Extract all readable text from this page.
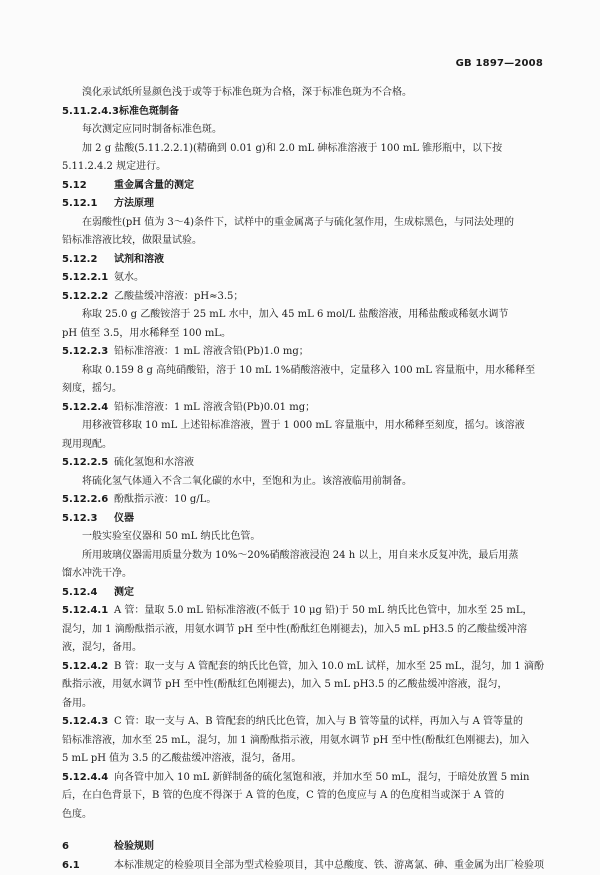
GB 1897—2008
溴化汞试纸所显颜色浅于或等于标准色斑为合格，深于标准色斑为不合格。
5.11.2.4.3标准色斑制备
每次测定应同时制备标准色斑。
加 2 g 盐酸(5.11.2.2.1)(精确到 0.01 g)和 2.0 mL 砷标准溶液于 100 mL 锥形瓶中，以下按
5.11.2.4.2 规定进行。
5.12	重金属含量的测定
5.12.1 方法原理
在弱酸性(pH 值为 3～4)条件下，试样中的重金属离子与硫化氢作用，生成棕黑色，与同法处理的
铅标准溶液比较，做限量试验。
5.12.2 试剂和溶液
5.12.2.1 氨水。
5.12.2.2 乙酸盐缓冲溶液：pH≈3.5；
称取 25.0 g 乙酸铵溶于 25 mL 水中，加入 45 mL 6 mol/L 盐酸溶液，用稀盐酸或稀氨水调节
pH 值至 3.5，用水稀释至 100 mL。
5.12.2.3 铅标准溶液：1 mL 溶液含铅(Pb)1.0 mg；
称取 0.159 8 g 高纯硝酸铅，溶于 10 mL 1%硝酸溶液中，定量移入 100 mL 容量瓶中，用水稀释至
刻度，摇匀。
5.12.2.4 铅标准溶液：1 mL 溶液含铅(Pb)0.01 mg；
用移液管移取 10 mL 上述铅标准溶液，置于 1 000 mL 容量瓶中，用水稀释至刻度，摇匀。该溶液
现用现配。
5.12.2.5 硫化氢饱和水溶液
将硫化氢气体通入不含二氧化碳的水中，至饱和为止。该溶液临用前制备。
5.12.2.6 酚酞指示液：10 g/L。
5.12.3 仪器
一般实验室仪器和 50 mL 纳氏比色管。
所用玻璃仪器需用质量分数为 10%～20%硝酸溶液浸泡 24 h 以上，用自来水反复冲洗，最后用蒸
馏水冲洗干净。
5.12.4 测定
5.12.4.1 A 管：量取 5.0 mL 铅标准溶液(不低于 10 μg 铅)于 50 mL 纳氏比色管中，加水至 25 mL，
混匀，加 1 滴酚酞指示液，用氨水调节 pH 至中性(酚酞红色刚褪去)，加入5 mL pH3.5 的乙酸盐缓冲溶
液，混匀，备用。
5.12.4.2 B 管：取一支与 A 管配套的纳氏比色管，加入 10.0 mL 试样，加水至 25 mL，混匀，加 1 滴酚
酞指示液，用氨水调节 pH 至中性(酚酞红色刚褪去)，加入 5 mL pH3.5 的乙酸盐缓冲溶液，混匀，
备用。
5.12.4.3 C 管：取一支与 A、B 管配套的纳氏比色管，加入与 B 管等量的试样，再加入与 A 管等量的
铅标准溶液，加水至 25 mL，混匀，加 1 滴酚酞指示液，用氨水调节 pH 至中性(酚酞红色刚褪去)，加入
5 mL pH 值为 3.5 的乙酸盐缓冲溶液，混匀，备用。
5.12.4.4 向各管中加入 10 mL 新鲜制备的硫化氢饱和液，并加水至 50 mL，混匀，于暗处放置 5 min
后，在白色背景下，B 管的色度不得深于 A 管的色度，C 管的色度应与 A 的色度相当或深于 A 管的
色度。
6	检验规则
6.1	本标准规定的检验项目全部为型式检验项目，其中总酸度、铁、游离氯、砷、重金属为出厂检验项
